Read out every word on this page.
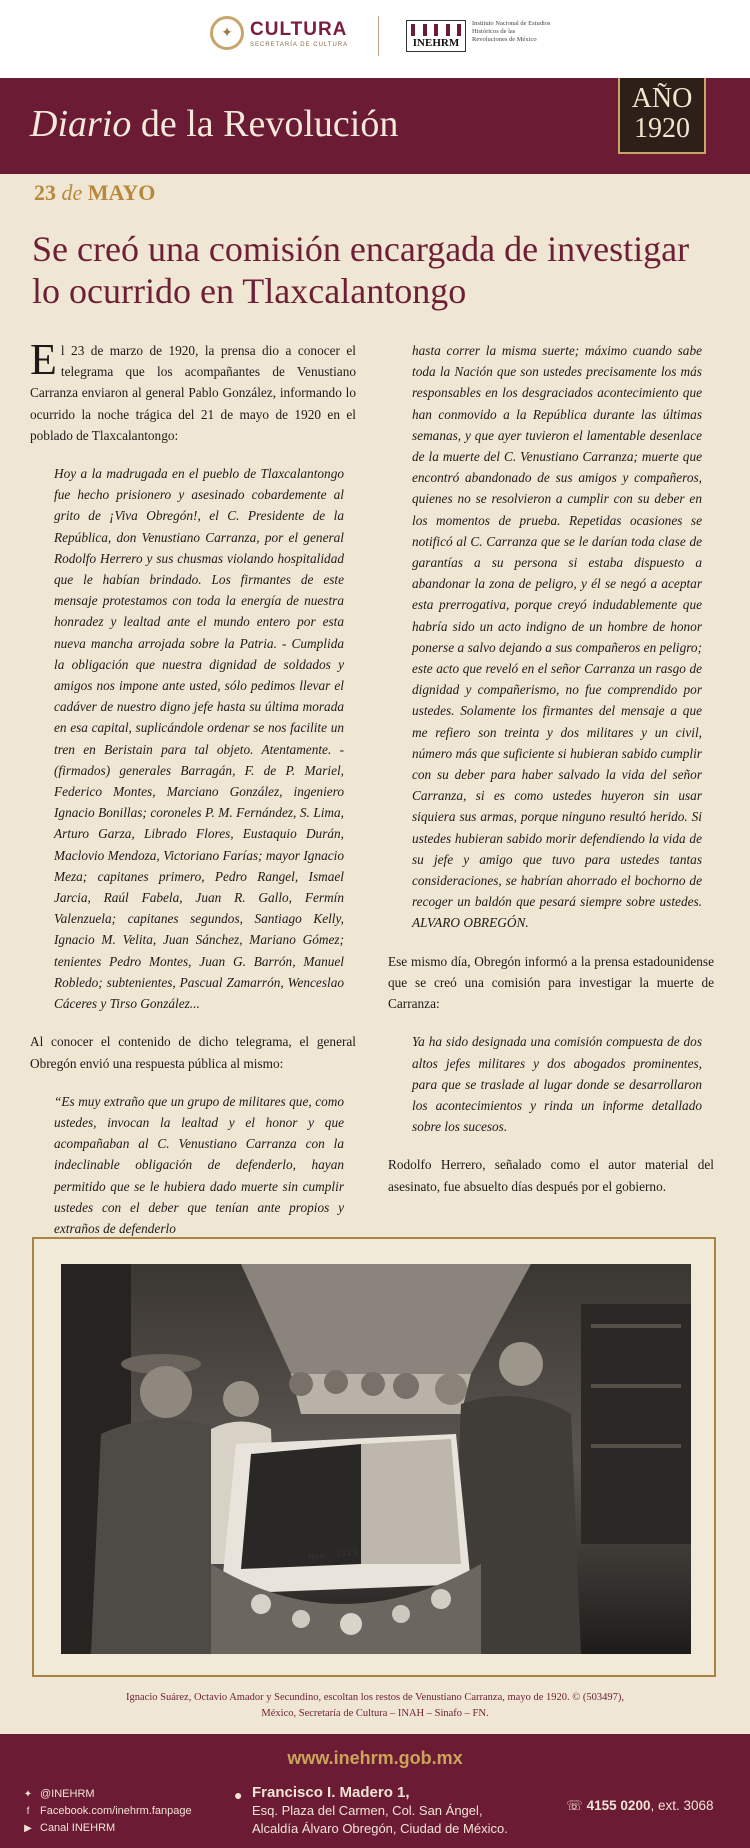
✦ CULTURA
SECRETARÍA DE CULTURA	INEHRM
Instituto Nacional de Estudios Históricos de las Revoluciones de México
Diario de la Revolución
AÑO
1920
23 de MAYO
Se creó una comisión encargada de investigar lo ocurrido en Tlaxcalantongo

El 23 de marzo de 1920, la prensa dio a conocer el telegrama que los acompañantes de Venustiano Carranza enviaron al general Pablo González, informando lo ocurrido la noche trágica del 21 de mayo de 1920 en el poblado de Tlaxcalantongo:

Hoy a la madrugada en el pueblo de Tlaxcalantongo fue hecho prisionero y asesinado cobardemente al grito de ¡Viva Obregón!, el C. Presidente de la República, don Venustiano Carranza, por el general Rodolfo Herrero y sus chusmas violando hospitalidad que le habían brindado. Los firmantes de este mensaje protestamos con toda la energía de nuestra honradez y lealtad ante el mundo entero por esta nueva mancha arrojada sobre la Patria. - Cumplida la obligación que nuestra dignidad de soldados y amigos nos impone ante usted, sólo pedimos llevar el cadáver de nuestro digno jefe hasta su última morada en esa capital, suplicándole ordenar se nos facilite un tren en Beristain para tal objeto. Atentamente. - (firmados) generales Barragán, F. de P. Mariel, Federico Montes, Marciano González, ingeniero Ignacio Bonillas; coroneles P. M. Fernández, S. Lima, Arturo Garza, Librado Flores, Eustaquio Durán, Maclovio Mendoza, Victoriano Farías; mayor Ignacio Meza; capitanes primero, Pedro Rangel, Ismael Jarcia, Raúl Fabela, Juan R. Gallo, Fermín Valenzuela; capitanes segundos, Santiago Kelly, Ignacio M. Velita, Juan Sánchez, Mariano Gómez; tenientes Pedro Montes, Juan G. Barrón, Manuel Robledo; subtenientes, Pascual Zamarrón, Wenceslao Cáceres y Tirso González...

Al conocer el contenido de dicho telegrama, el general Obregón envió una respuesta pública al mismo:

“Es muy extraño que un grupo de militares que, como ustedes, invocan la lealtad y el honor y que acompañaban al C. Venustiano Carranza con la indeclinable obligación de defenderlo, hayan permitido que se le hubiera dado muerte sin cumplir ustedes con el deber que tenían ante propios y extraños de defenderlo

hasta correr la misma suerte; máximo cuando sabe toda la Nación que son ustedes precisamente los más responsables en los desgraciados acontecimiento que han conmovido a la República durante las últimas semanas, y que ayer tuvieron el lamentable desenlace de la muerte del C. Venustiano Carranza; muerte que encontró abandonado de sus amigos y compañeros, quienes no se resolvieron a cumplir con su deber en los momentos de prueba. Repetidas ocasiones se notificó al C. Carranza que se le darían toda clase de garantías a su persona si estaba dispuesto a abandonar la zona de peligro, y él se negó a aceptar esta prerrogativa, porque creyó indudablemente que habría sido un acto indigno de un hombre de honor ponerse a salvo dejando a sus compañeros en peligro; este acto que reveló en el señor Carranza un rasgo de dignidad y compañerismo, no fue comprendido por ustedes. Solamente los firmantes del mensaje a que me refiero son treinta y dos militares y un civil, número más que suficiente si hubieran sabido cumplir con su deber para haber salvado la vida del señor Carranza, si es como ustedes huyeron sin usar siquiera sus armas, porque ninguno resultó herido. Si ustedes hubieran sabido morir defendiendo la vida de su jefe y amigo que tuvo para ustedes tantas consideraciones, se habrían ahorrado el bochorno de recoger un baldón que pesará siempre sobre ustedes. ALVARO OBREGÓN.

Ese mismo día, Obregón informó a la prensa estadounidense que se creó una comisión para investigar la muerte de Carranza:

Ya ha sido designada una comisión compuesta de dos altos jefes militares y dos abogados prominentes, para que se traslade al lugar donde se desarrollaron los acontecimientos y rinda un informe detallado sobre los sucesos.

Rodolfo Herrero, señalado como el autor material del asesinato, fue absuelto días después por el gobierno.

Núm. 1313
Ignacio Suárez, Octavio Amador y Secundino, escoltan los restos de Venustiano Carranza, mayo de 1920. © (503497),
México, Secretaría de Cultura – INAH – Sinafo – FN.
www.inehrm.gob.mx
✦ @INEHRM
f Facebook.com/inehrm.fanpage
▶ Canal INEHRM
● Francisco I. Madero 1,
Esq. Plaza del Carmen, Col. San Ángel,
Alcaldía Álvaro Obregón, Ciudad de México.
☏ 4155 0200, ext. 3068
